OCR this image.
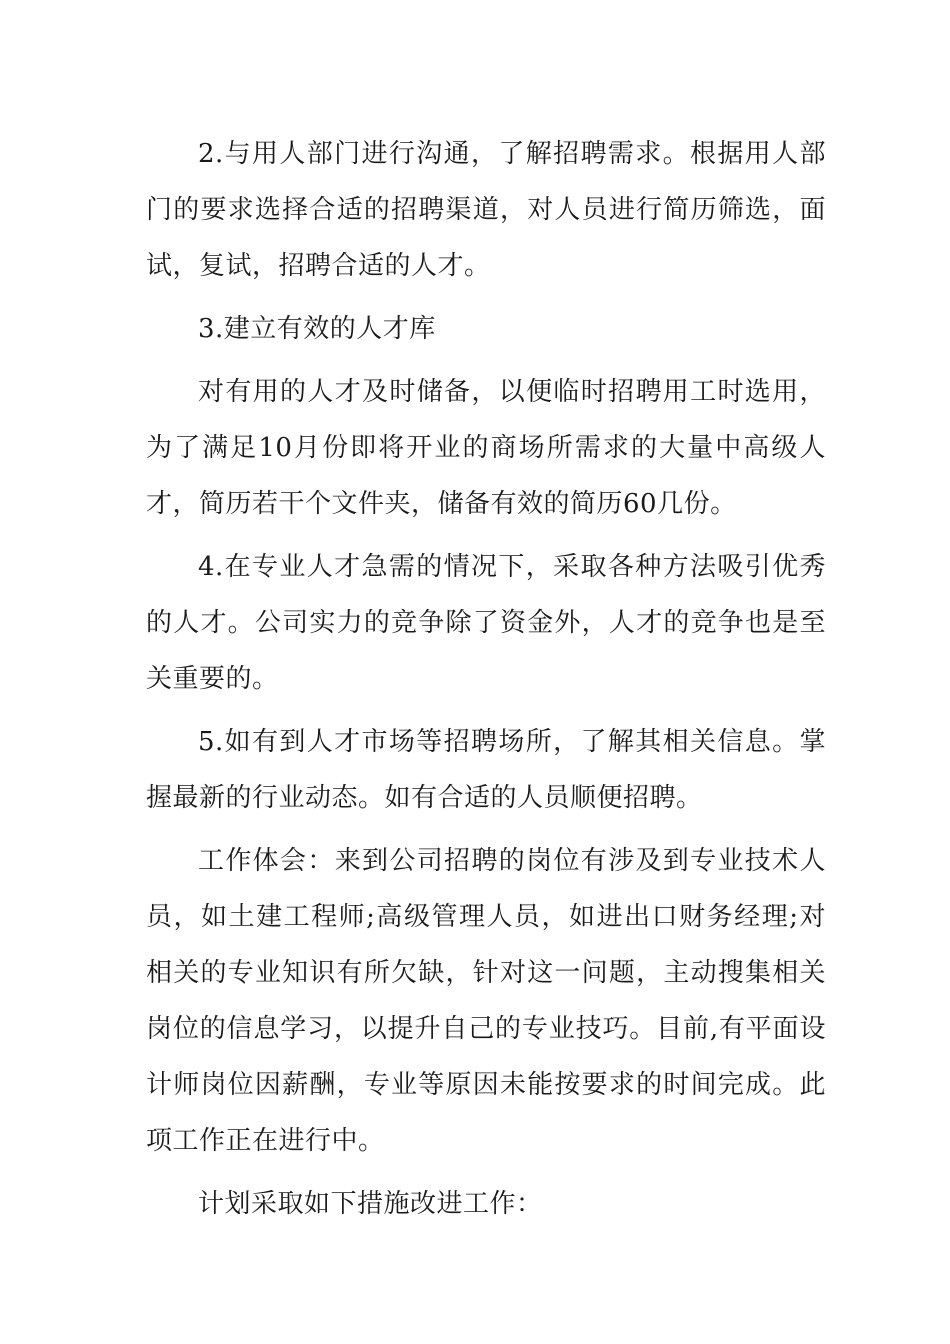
2.与用人部门进行沟通，了解招聘需求。根据用人部门的要求选择合适的招聘渠道，对人员进行简历筛选，面试，复试，招聘合适的人才。

3.建立有效的人才库

对有用的人才及时储备，以便临时招聘用工时选用，为了满足10月份即将开业的商场所需求的大量中高级人才，简历若干个文件夹，储备有效的简历60几份。

4.在专业人才急需的情况下，采取各种方法吸引优秀的人才。公司实力的竞争除了资金外，人才的竞争也是至关重要的。

5.如有到人才市场等招聘场所，了解其相关信息。掌握最新的行业动态。如有合适的人员顺便招聘。

工作体会：来到公司招聘的岗位有涉及到专业技术人员，如土建工程师;高级管理人员，如进出口财务经理;对相关的专业知识有所欠缺，针对这一问题，主动搜集相关岗位的信息学习，以提升自己的专业技巧。目前,有平面设计师岗位因薪酬，专业等原因未能按要求的时间完成。此项工作正在进行中。

计划采取如下措施改进工作：
